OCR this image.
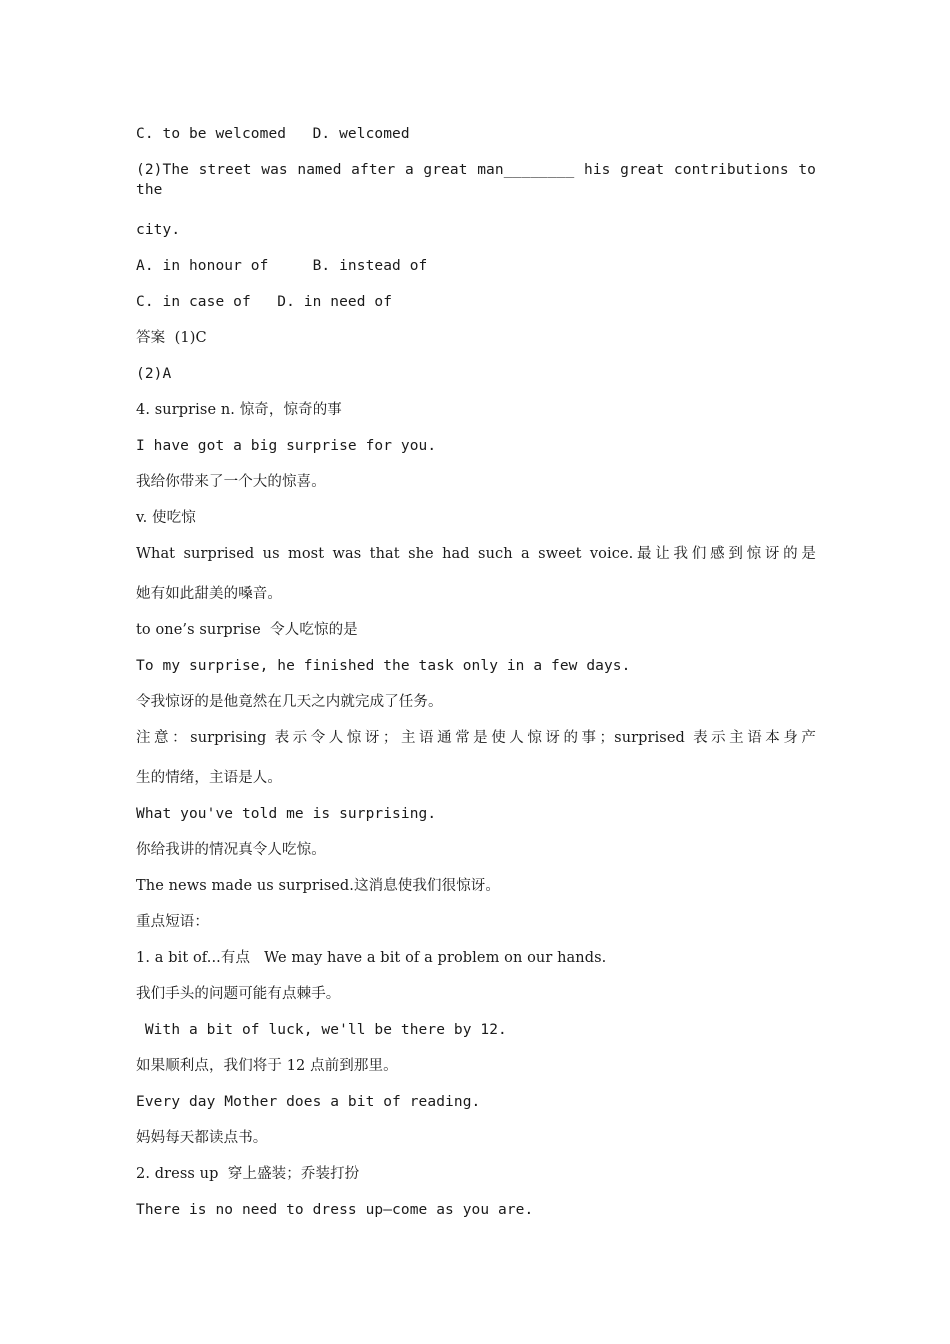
C. to be welcomed   D. welcomed
(2)The street was named after a great man________ his great contributions to the
city.
A. in honour of     B. instead of
C. in case of   D. in need of
答案  (1)C
(2)A
4. surprise n. 惊奇，惊奇的事
I have got a big surprise for you.
我给你带来了一个大的惊喜。
v. 使吃惊
What surprised us most was that she had such a sweet voice.最让我们感到惊讶的是
她有如此甜美的嗓音。
to one’s surprise  令人吃惊的是
To my surprise, he finished the task only in a few days.
令我惊讶的是他竟然在几天之内就完成了任务。
注意：surprising 表示令人惊讶；主语通常是使人惊讶的事；surprised 表示主语本身产
生的情绪，主语是人。
What you've told me is surprising.
你给我讲的情况真令人吃惊。
The news made us surprised.这消息使我们很惊讶。
重点短语：
1. a bit of...有点   We may have a bit of a problem on our hands.
我们手头的问题可能有点棘手。
With a bit of luck, we'll be there by 12.
如果顺利点，我们将于 12 点前到那里。
Every day Mother does a bit of reading.
妈妈每天都读点书。
2. dress up  穿上盛装；乔装打扮
There is no need to dress up—come as you are.
